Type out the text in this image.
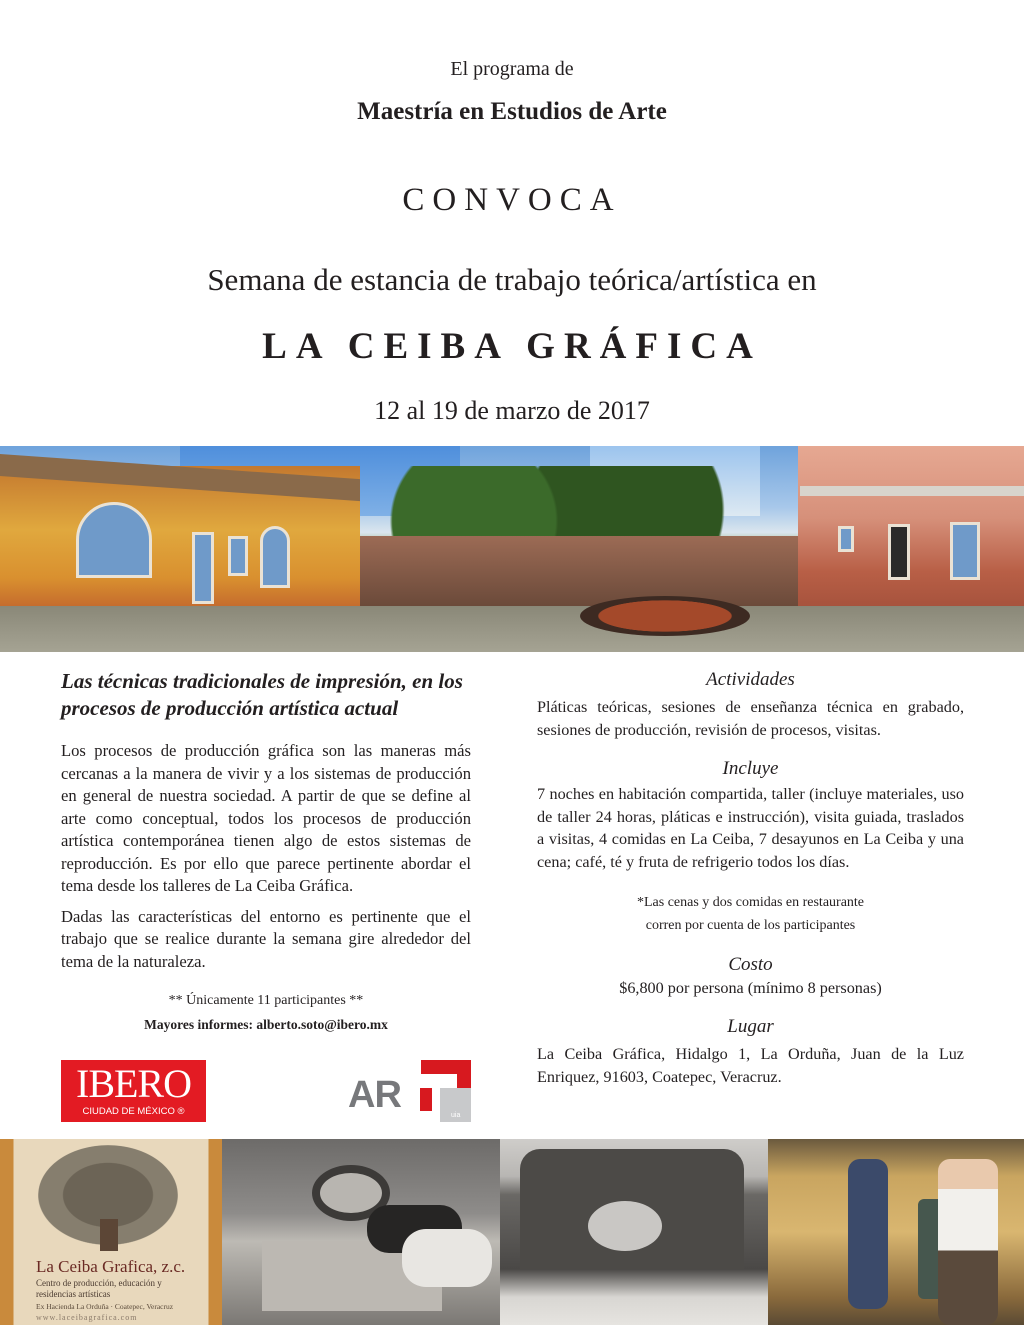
El programa de
Maestría en Estudios de Arte
CONVOCA
Semana de estancia de trabajo teórica/artística en
LA CEIBA GRÁFICA
12 al 19 de marzo de 2017
Las técnicas tradicionales de impresión, en los procesos de producción artística actual

Los procesos de producción gráfica son las maneras más cercanas a la manera de vivir y a los sistemas de producción en general de nuestra sociedad. A partir de que se define al arte como conceptual, todos los procesos de producción artística contemporánea tienen algo de estos sistemas de reproducción. Es por ello que parece pertinente abordar el tema desde los talleres de La Ceiba Gráfica.

Dadas las características del entorno es pertinente que el trabajo que se realice durante la semana gire alrededor del tema de la naturaleza.

** Únicamente 11 participantes **
Mayores informes: alberto.soto@ibero.mx
Actividades

Pláticas teóricas, sesiones de enseñanza técnica en grabado, sesiones de producción, revisión de procesos, visitas.

Incluye

7 noches en habitación compartida, taller (incluye materiales, uso de taller 24 horas, pláticas e instrucción), visita guiada, traslados a visitas, 4 comidas en La Ceiba, 7 desayunos en La Ceiba y una cena; café, té y fruta de refrigerio todos los días.

*Las cenas y dos comidas en restaurante
corren por cuenta de los participantes
Costo
$6,800 por persona (mínimo 8 personas)
Lugar

La Ceiba Gráfica, Hidalgo 1, La Orduña, Juan de la Luz Enriquez, 91603, Coatepec, Veracruz.

IBERO
CIUDAD DE MÉXICO ®	AR	uia
La Ceiba Grafica, z.c.
Centro de producción, educación y residencias artísticas
Ex Hacienda La Orduña · Coatepec, Veracruz
www.laceibagrafica.com
